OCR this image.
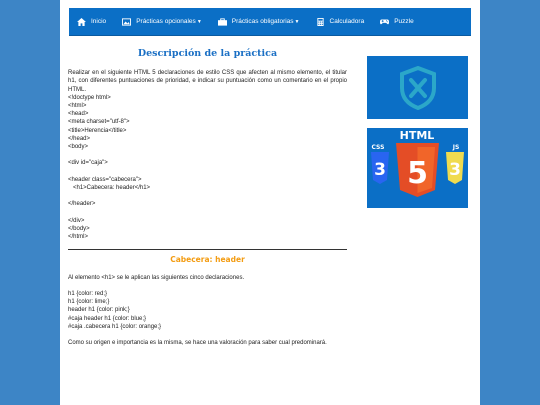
Inicio	Prácticas opcionales ▼	Prácticas obligatorias ▼	Calculadora	Puzzle
Descripción de la práctica

Realizar en el siguiente HTML 5 declaraciones de estilo CSS que afecten al mismo elemento, el titular h1, con diferentes puntuaciones de prioridad, e indicar su puntuación como un comentario en el propio HTML.

<!doctype html>

<html>

<head>

<meta charset="utf-8">

<title>Herencia</title>

</head>

<body>

<div id="caja">

<header class="cabecera">

<h1>Cabecera: header</h1>

</header>

</div>

</body>

</html>

Cabecera: header

Al elemento <h1> se le aplican las siguientes cinco declaraciones.

h1 {color: red;}

h1 {color: lime;}

header h1 {color: pink;}

#caja header h1 {color: blue;}

#caja .cabecera h1 {color: orange;}

Como su origen e importancia es la misma, se hace una valoración para saber cual predominará.

HTML
CSS	JS
3	3
5
